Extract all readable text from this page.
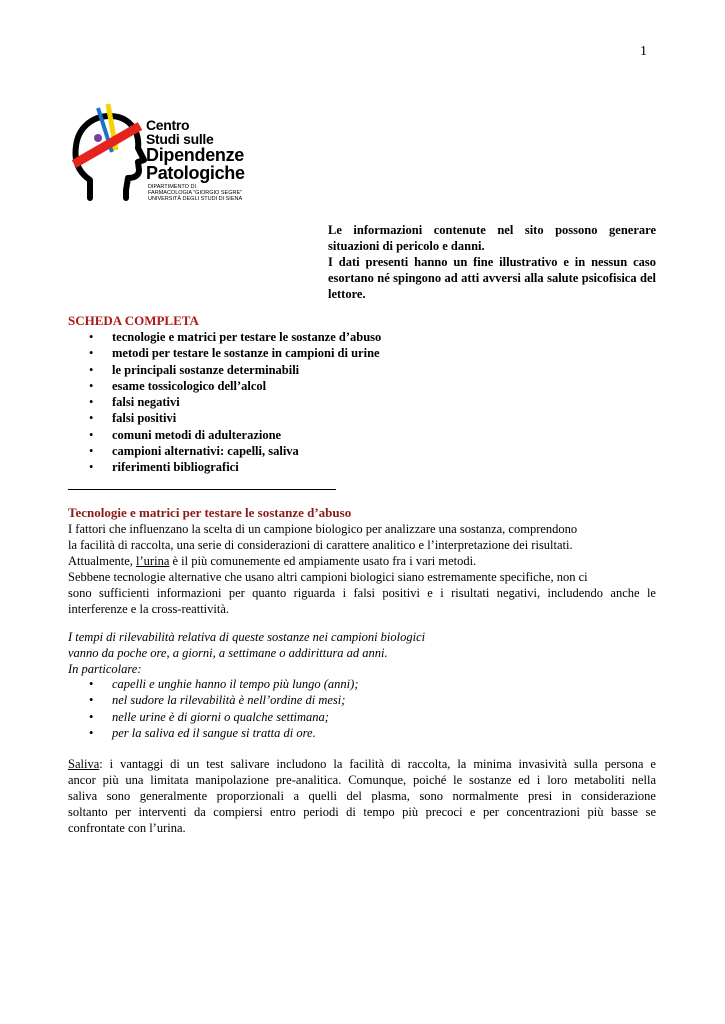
1
Centro
Studi sulle
Dipendenze
Patologiche
DIPARTIMENTO DI
FARMACOLOGIA "GIORGIO SEGRE"
UNIVERSITÀ DEGLI STUDI DI SIENA

Le informazioni contenute nel sito possono generare situazioni di pericolo e danni.

I dati presenti hanno un fine illustrativo e in nessun caso esortano né spingono ad atti avversi alla salute psicofisica del lettore.

SCHEDA COMPLETA
• tecnologie e matrici per testare le sostanze d’abuso
• metodi per testare le sostanze in campioni di urine
• le principali sostanze determinabili
• esame tossicologico dell’alcol
• falsi negativi
• falsi positivi
• comuni metodi di adulterazione
• campioni alternativi: capelli, saliva
• riferimenti bibliografici
Tecnologie e matrici per testare le sostanze d’abuso
I fattori che influenzano la scelta di un campione biologico per analizzare una sostanza, comprendono
la facilità di raccolta, una serie di considerazioni di carattere analitico e l’interpretazione dei risultati.
Attualmente, l’urina è il più comunemente ed ampiamente usato fra i vari metodi.
Sebbene tecnologie alternative che usano altri campioni biologici siano estremamente specifiche, non ci
sono sufficienti informazioni per quanto riguarda i falsi positivi e i risultati negativi, includendo anche le
interferenze e la cross-reattività.
I tempi di rilevabilità relativa di queste sostanze nei campioni biologici
vanno da poche ore, a giorni, a settimane o addirittura ad anni.
In particolare:
• capelli e unghie hanno il tempo più lungo (anni);
• nel sudore la rilevabilità è nell’ordine di mesi;
• nelle urine è di giorni o qualche settimana;
• per la saliva ed il sangue si tratta di ore.
Saliva: i vantaggi di un test salivare includono la facilità di raccolta, la minima invasività sulla persona e
ancor più una limitata manipolazione pre-analitica. Comunque, poiché le sostanze ed i loro metaboliti nella
saliva sono generalmente proporzionali a quelli del plasma, sono normalmente presi in considerazione
soltanto per interventi da compiersi entro periodi di tempo più precoci e per concentrazioni più basse se
confrontate con l’urina.
